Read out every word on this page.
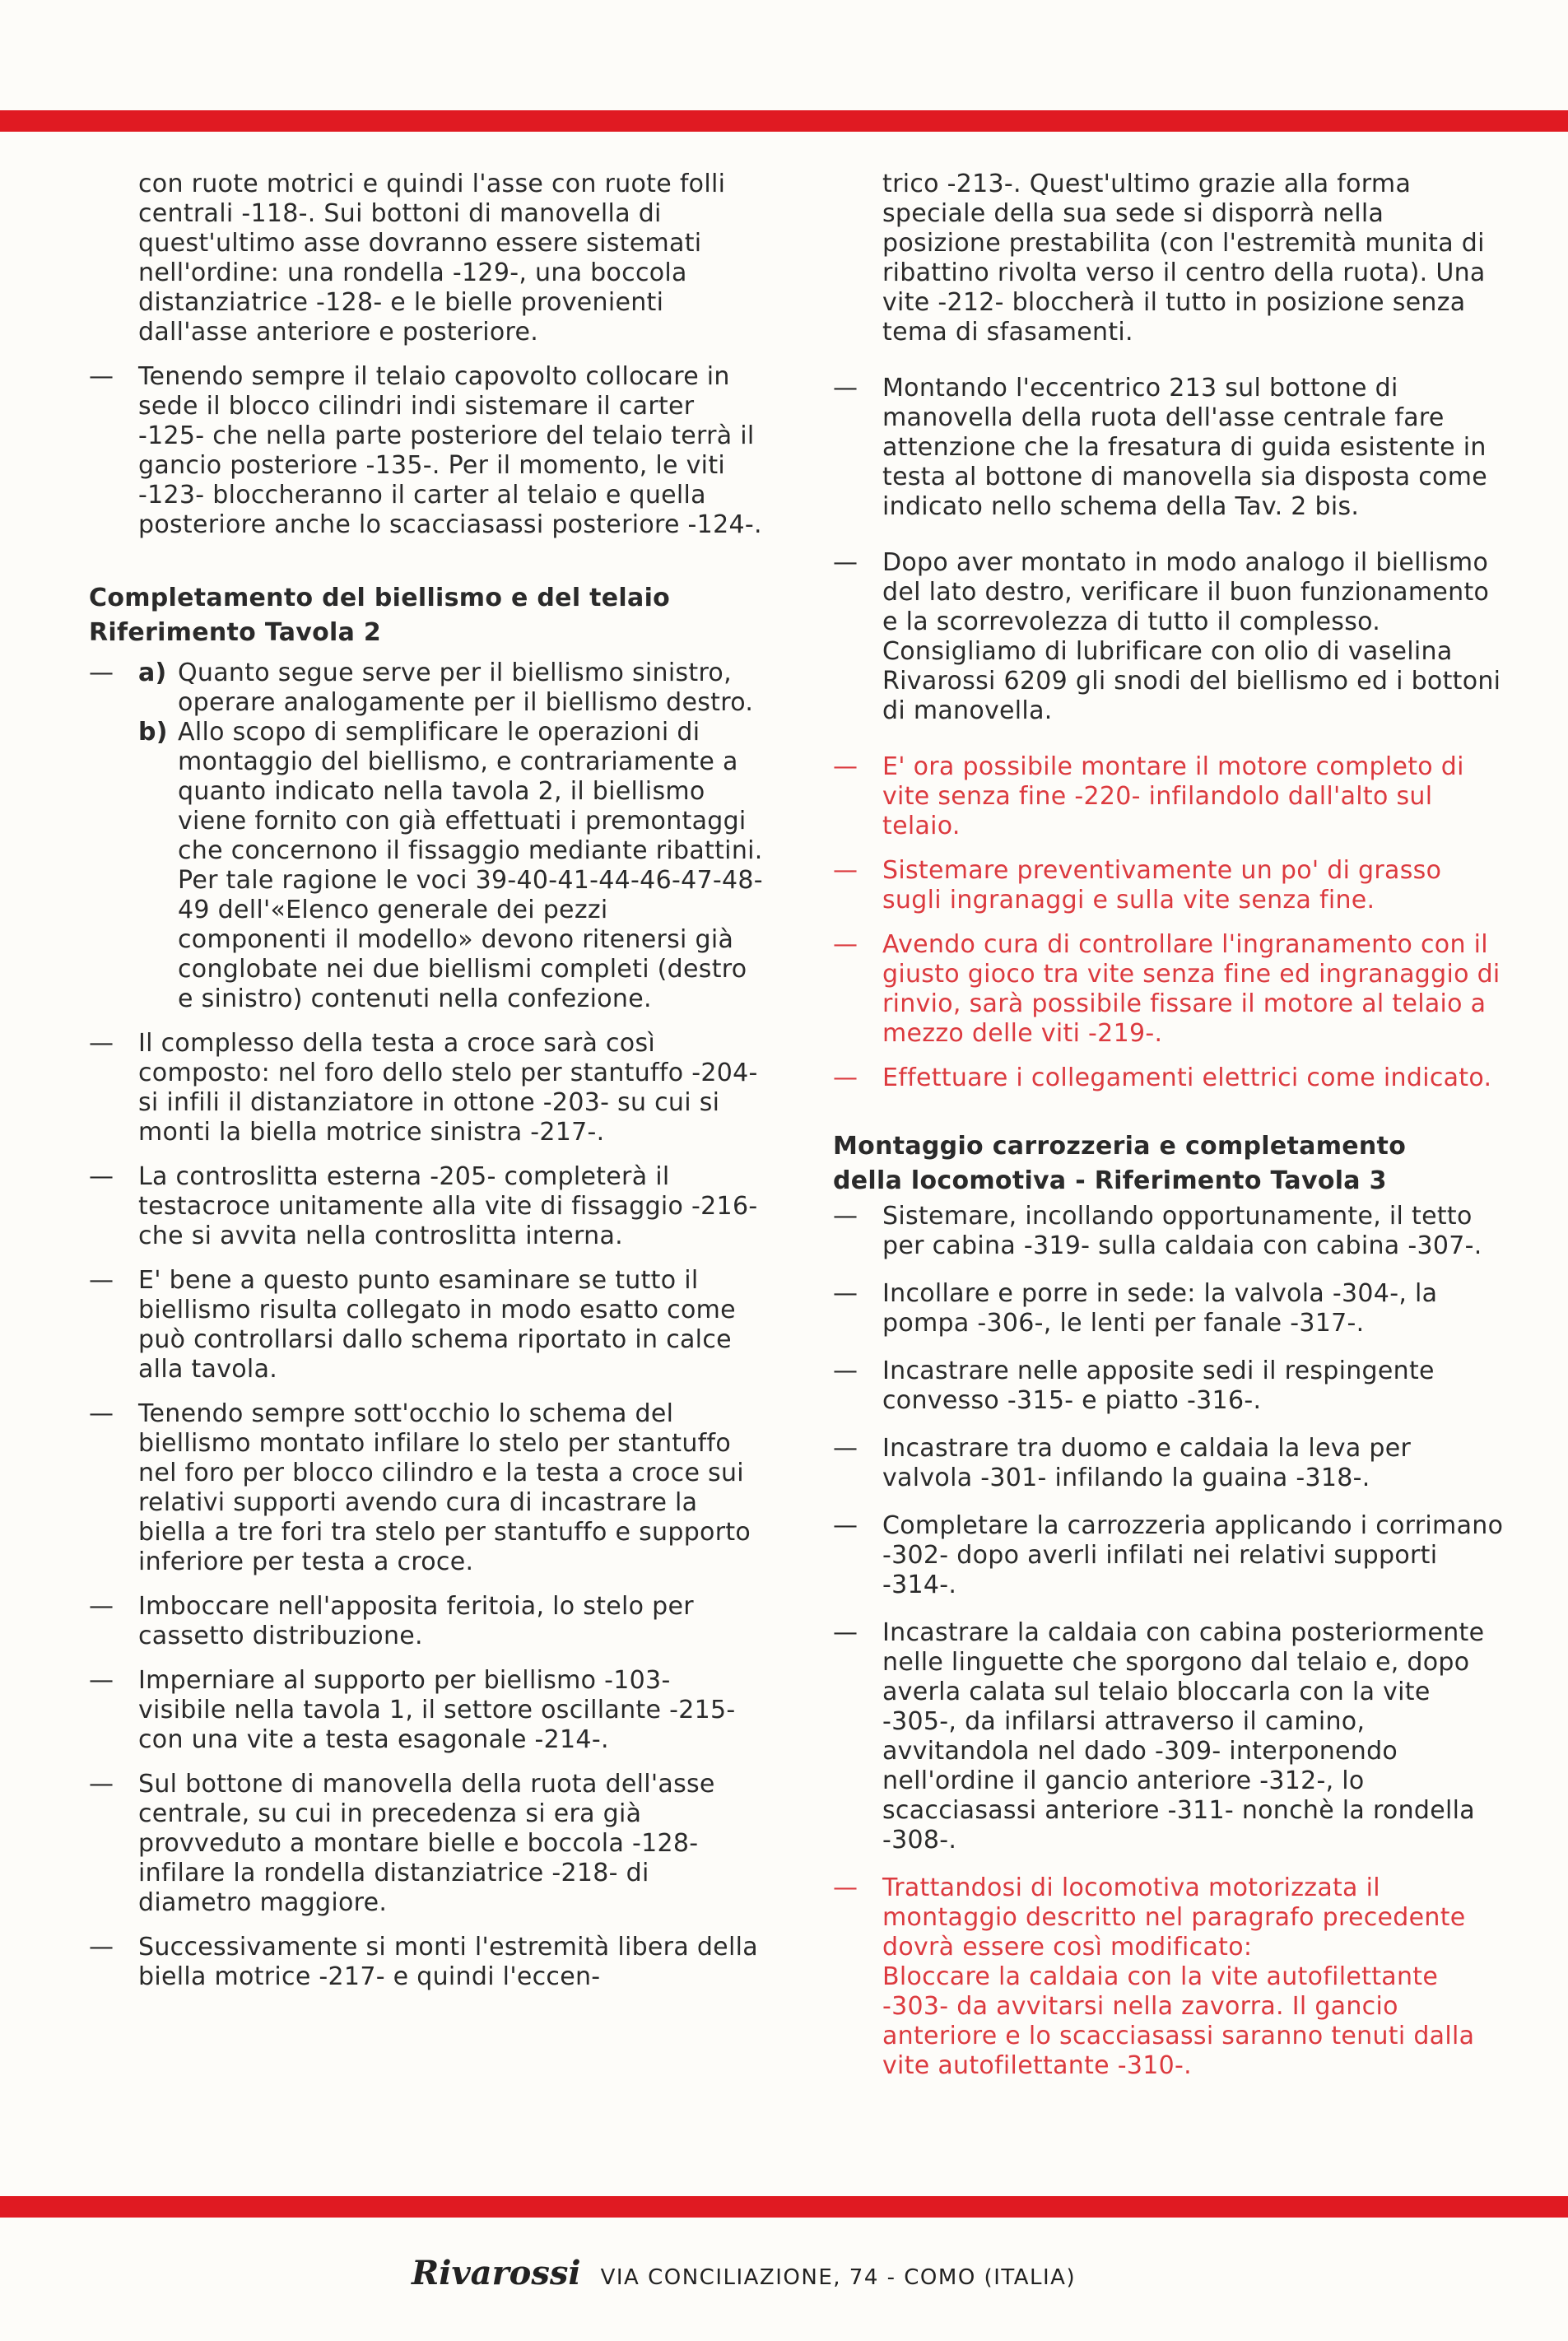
con ruote motrici e quindi l'asse con ruote folli centrali -118-. Sui bottoni di manovella di quest'ultimo asse dovranno essere sistemati nell'ordine: una rondella -129-, una boccola distanziatrice -128- e le bielle provenienti dall'asse anteriore e posteriore.

— Tenendo sempre il telaio capovolto collocare in sede il blocco cilindri indi sistemare il carter -125- che nella parte posteriore del telaio terrà il gancio posteriore -135-. Per il momento, le viti -123- bloccheranno il carter al telaio e quella posteriore anche lo scacciasassi posteriore -124-.
Completamento del biellismo e del telaio
Riferimento Tavola 2
— a) Quanto segue serve per il biellismo sinistro, operare analogamente per il biellismo destro.
b) Allo scopo di semplificare le operazioni di montaggio del biellismo, e contrariamente a quanto indicato nella tavola 2, il biellismo viene fornito con già effettuati i premontaggi che concernono il fissaggio mediante ribattini.
Per tale ragione le voci 39-40-41-44-46-47-48-49 dell'«Elenco generale dei pezzi componenti il modello» devono ritenersi già conglobate nei due biellismi completi (destro e sinistro) contenuti nella confezione.
— Il complesso della testa a croce sarà così composto: nel foro dello stelo per stantuffo -204- si infili il distanziatore in ottone -203- su cui si monti la biella motrice sinistra -217-.
— La controslitta esterna -205- completerà il testacroce unitamente alla vite di fissaggio -216- che si avvita nella controslitta interna.
— E' bene a questo punto esaminare se tutto il biellismo risulta collegato in modo esatto come può controllarsi dallo schema riportato in calce alla tavola.
— Tenendo sempre sott'occhio lo schema del biellismo montato infilare lo stelo per stantuffo nel foro per blocco cilindro e la testa a croce sui relativi supporti avendo cura di incastrare la biella a tre fori tra stelo per stantuffo e supporto inferiore per testa a croce.
— Imboccare nell'apposita feritoia, lo stelo per cassetto distribuzione.
— Imperniare al supporto per biellismo -103- visibile nella tavola 1, il settore oscillante -215- con una vite a testa esagonale -214-.
— Sul bottone di manovella della ruota dell'asse centrale, su cui in precedenza si era già provveduto a montare bielle e boccola -128- infilare la rondella distanziatrice -218- di diametro maggiore.
— Successivamente si monti l'estremità libera della biella motrice -217- e quindi l'eccen-

trico -213-. Quest'ultimo grazie alla forma speciale della sua sede si disporrà nella posizione prestabilita (con l'estremità munita di ribattino rivolta verso il centro della ruota). Una vite -212- bloccherà il tutto in posizione senza tema di sfasamenti.

— Montando l'eccentrico 213 sul bottone di manovella della ruota dell'asse centrale fare attenzione che la fresatura di guida esistente in testa al bottone di manovella sia disposta come indicato nello schema della Tav. 2 bis.
— Dopo aver montato in modo analogo il biellismo del lato destro, verificare il buon funzionamento e la scorrevolezza di tutto il complesso. Consigliamo di lubrificare con olio di vaselina Rivarossi 6209 gli snodi del biellismo ed i bottoni di manovella.
— E' ora possibile montare il motore completo di vite senza fine -220- infilandolo dall'alto sul telaio.
— Sistemare preventivamente un po' di grasso sugli ingranaggi e sulla vite senza fine.
— Avendo cura di controllare l'ingranamento con il giusto gioco tra vite senza fine ed ingranaggio di rinvio, sarà possibile fissare il motore al telaio a mezzo delle viti -219-.
— Effettuare i collegamenti elettrici come indicato.
Montaggio carrozzeria e completamento
della locomotiva - Riferimento Tavola 3
— Sistemare, incollando opportunamente, il tetto per cabina -319- sulla caldaia con cabina -307-.
— Incollare e porre in sede: la valvola -304-, la pompa -306-, le lenti per fanale -317-.
— Incastrare nelle apposite sedi il respingente convesso -315- e piatto -316-.
— Incastrare tra duomo e caldaia la leva per valvola -301- infilando la guaina -318-.
— Completare la carrozzeria applicando i corrimano -302- dopo averli infilati nei relativi supporti -314-.
— Incastrare la caldaia con cabina posteriormente nelle linguette che sporgono dal telaio e, dopo averla calata sul telaio bloccarla con la vite -305-, da infilarsi attraverso il camino, avvitandola nel dado -309- interponendo nell'ordine il gancio anteriore -312-, lo scacciasassi anteriore -311- nonchè la rondella -308-.
— Trattandosi di locomotiva motorizzata il montaggio descritto nel paragrafo precedente dovrà essere così modificato:
Bloccare la caldaia con la vite autofilettante -303- da avvitarsi nella zavorra. Il gancio anteriore e lo scacciasassi saranno tenuti dalla vite autofilettante -310-.
Rivarossi VIA CONCILIAZIONE, 74 - COMO (ITALIA)
